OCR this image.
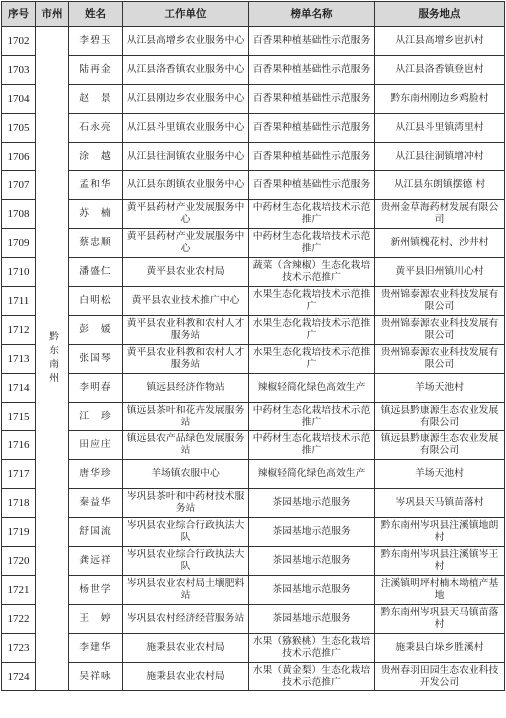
序号	市州	姓名	工作单位	榜单名称	服务地点
1702	黔东南州	李碧玉	从江县高增乡农业服务中心	百香果种植基础性示范服务	从江县高增乡岜扒村
1703		陆再金	从江县洛香镇农业服务中心	百香果种植基础性示范服务	从江县洛香镇登岜村
1704		赵　景	从江县刚边乡农业服务中心	百香果种植基础性示范服务	黔东南州刚边乡鸡脸村
1705		石永亮	从江县斗里镇农业服务中心	百香果种植基础性示范服务	从江县斗里镇湾里村
1706		涂　越	从江县往洞镇农业服务中心	百香果种植基础性示范服务	从江县往洞镇增冲村
1707		孟和华	从江县东朗镇农业服务中心	百香果种植基础性示范服务	从江县东朗镇摆德 村
1708		苏　楠	黄平县药材产业发展服务中心	中药材生态化栽培技术示范推广	贵州金草海药材发展有限公司
1709		蔡忠顺	黄平县药材产业发展服务中心	中药材生态化栽培技术示范推广	新州镇槐花村、沙井村
1710		潘盛仁	黄平县农业农村局	蔬菜（含辣椒）生态化栽培技术示范推广	黄平县旧州镇川心村
1711		白明松	黄平县农业技术推广中心	水果生态化栽培技术示范推广	贵州锦泰源农业科技发展有限公司
1712		彭　媛	黄平县农业科教和农村人才服务站	水果生态化栽培技术示范推广	贵州锦泰源农业科技发展有限公司
1713		张国琴	黄平县农业科教和农村人才服务站	水果生态化栽培技术示范推广	贵州锦泰源农业科技发展有限公司
1714		李明春	镇远县经济作物站	辣椒轻简化绿色高效生产	羊场天池村
1715		江　珍	镇远县茶叶和花卉发展服务站	中药材生态化栽培技术示范推广	镇远县黔康源生态农业发展有限公司
1716		田应庄	镇远县农产品绿色发展服务站	中药材生态化栽培技术示范推广	镇远县黔康源生态农业发展有限公司
1717		唐华珍	羊场镇农服中心	辣椒轻简化绿色高效生产	羊场天池村
1718		秦益华	岑巩县茶叶和中药材技术服务站	茶园基地示范服务	岑巩县天马镇苗落村
1719		舒国流	岑巩县农业综合行政执法大队	茶园基地示范服务	黔东南州岑巩县注溪镇地朗村
1720		龚远祥	岑巩县农业综合行政执法大队	茶园基地示范服务	黔东南州岑巩县注溪镇岑王村
1721		杨世学	岑巩县农业农村局土壤肥料站	茶园基地示范服务	注溪镇明坪村楠木坳植产基地
1722		王　婷	岑巩县农村经济经营服务站	茶园基地示范服务	黔东南州岑巩县天马镇苗落村
1723		李建华	施秉县农业农村局	水果（猕猴桃）生态化栽培技术示范推广	施秉县白垛乡胜溪村
1724		吴祥咏	施秉县农业农村局	水果（黄金梨）生态化栽培技术示范推广	贵州春羽田园生态农业科技开发公司
